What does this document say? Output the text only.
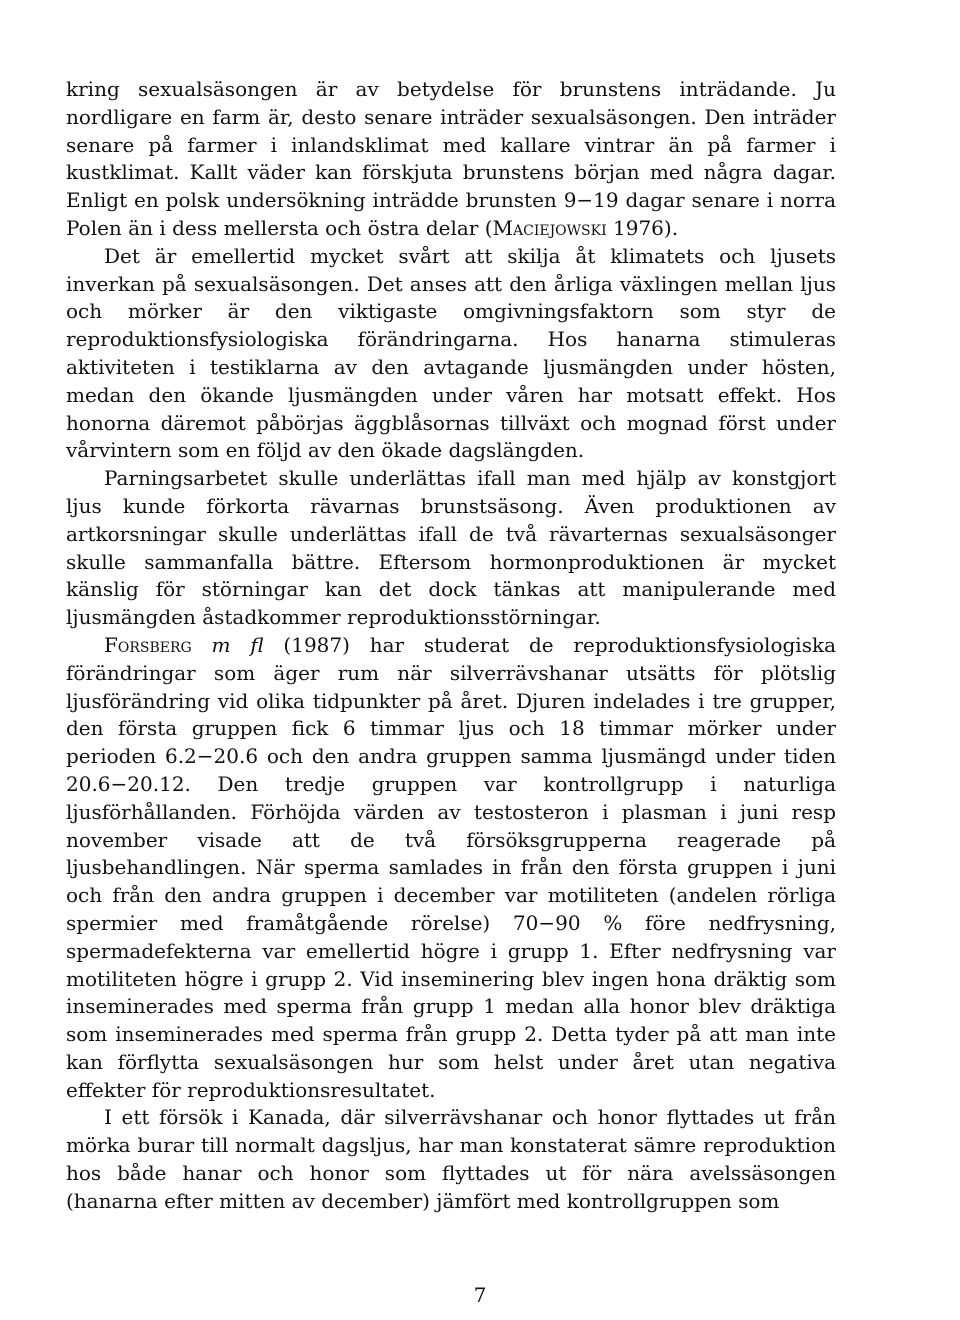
kring sexualsäsongen är av betydelse för brunstens inträdande. Ju nordligare en farm är, desto senare inträder sexualsäsongen. Den inträder senare på farmer i inlandsklimat med kallare vintrar än på farmer i kustklimat. Kallt väder kan förskjuta brunstens början med några dagar. Enligt en polsk undersökning inträdde brunsten 9−19 dagar senare i norra Polen än i dess mellersta och östra delar (Maciejowski 1976).

Det är emellertid mycket svårt att skilja åt klimatets och ljusets inverkan på sexualsäsongen. Det anses att den årliga växlingen mellan ljus och mörker är den viktigaste omgivningsfaktorn som styr de reproduktionsfysiologiska förändringarna. Hos hanarna stimuleras aktiviteten i testiklarna av den avtagande ljusmängden under hösten, medan den ökande ljusmängden under våren har motsatt effekt. Hos honorna däremot påbörjas äggblåsornas tillväxt och mognad först under vårvintern som en följd av den ökade dagslängden.

Parningsarbetet skulle underlättas ifall man med hjälp av konstgjort ljus kunde förkorta rävarnas brunstsäsong. Även produktionen av artkorsningar skulle underlättas ifall de två rävarternas sexualsäsonger skulle sammanfalla bättre. Eftersom hormonproduktionen är mycket känslig för störningar kan det dock tänkas att manipulerande med ljusmängden åstadkommer reproduktionsstörningar.

Forsberg m fl (1987) har studerat de reproduktionsfysiologiska förändringar som äger rum när silverrävshanar utsätts för plötslig ljusförändring vid olika tidpunkter på året. Djuren indelades i tre grupper, den första gruppen fick 6 timmar ljus och 18 timmar mörker under perioden 6.2−20.6 och den andra gruppen samma ljusmängd under tiden 20.6−20.12. Den tredje gruppen var kontrollgrupp i naturliga ljusförhållanden. Förhöjda värden av testosteron i plasman i juni resp november visade att de två försöksgrupperna reagerade på ljusbehandlingen. När sperma samlades in från den första gruppen i juni och från den andra gruppen i december var motiliteten (andelen rörliga spermier med framåtgående rörelse) 70−90 % före nedfrysning, spermadefekterna var emellertid högre i grupp 1. Efter nedfrysning var motiliteten högre i grupp 2. Vid inseminering blev ingen hona dräktig som inseminerades med sperma från grupp 1 medan alla honor blev dräktiga som inseminerades med sperma från grupp 2. Detta tyder på att man inte kan förflytta sexualsäsongen hur som helst under året utan negativa effekter för reproduktionsresultatet.

I ett försök i Kanada, där silverrävshanar och honor flyttades ut från mörka burar till normalt dagsljus, har man konstaterat sämre reproduktion hos både hanar och honor som flyttades ut för nära avelssäsongen (hanarna efter mitten av december) jämfört med kontrollgruppen som

7
